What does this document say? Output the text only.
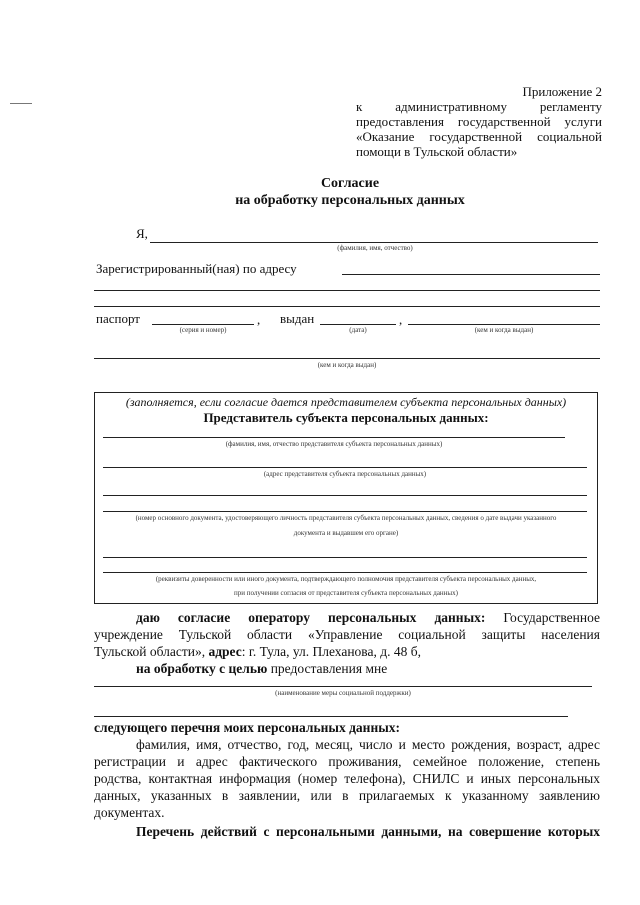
Приложение 2
к административному регламенту
предоставления государственной услуги
«Оказание государственной социальной
помощи в Тульской области»
Согласие
на обработку персональных данных
Я,
(фамилия, имя, отчество)
Зарегистрированный(ная) по адресу
паспорт	,
(серия и номер)
выдан	,
(дата)	(кем и когда выдан)
(кем и когда выдан)
(заполняется, если согласие дается представителем субъекта персональных данных)
Представитель субъекта персональных данных:
(фамилия, имя, отчество представителя субъекта персональных данных)
(адрес представителя субъекта персональных данных)
(номер основного документа, удостоверяющего личность представителя субъекта персональных данных, сведения о дате выдачи указанного
документа и выдавшем его органе)
(реквизиты доверенности или иного документа, подтверждающего полномочия представителя субъекта персональных данных,
при получении согласия от представителя субъекта персональных данных)
даю согласие оператору персональных данных: Государственное
учреждение Тульской области «Управление социальной защиты населения
Тульской области», адрес: г. Тула, ул. Плеханова, д. 48 б,
на обработку с целью предоставления мне
(наименование меры социальной поддержки)
следующего перечня моих персональных данных:
фамилия, имя, отчество, год, месяц, число и место рождения, возраст, адрес
регистрации и адрес фактического проживания, семейное положение, степень
родства, контактная информация (номер телефона), СНИЛС и иных персональных
данных, указанных в заявлении, или в прилагаемых к указанному заявлению
документах.
Перечень действий с персональными данными, на совершение которых
